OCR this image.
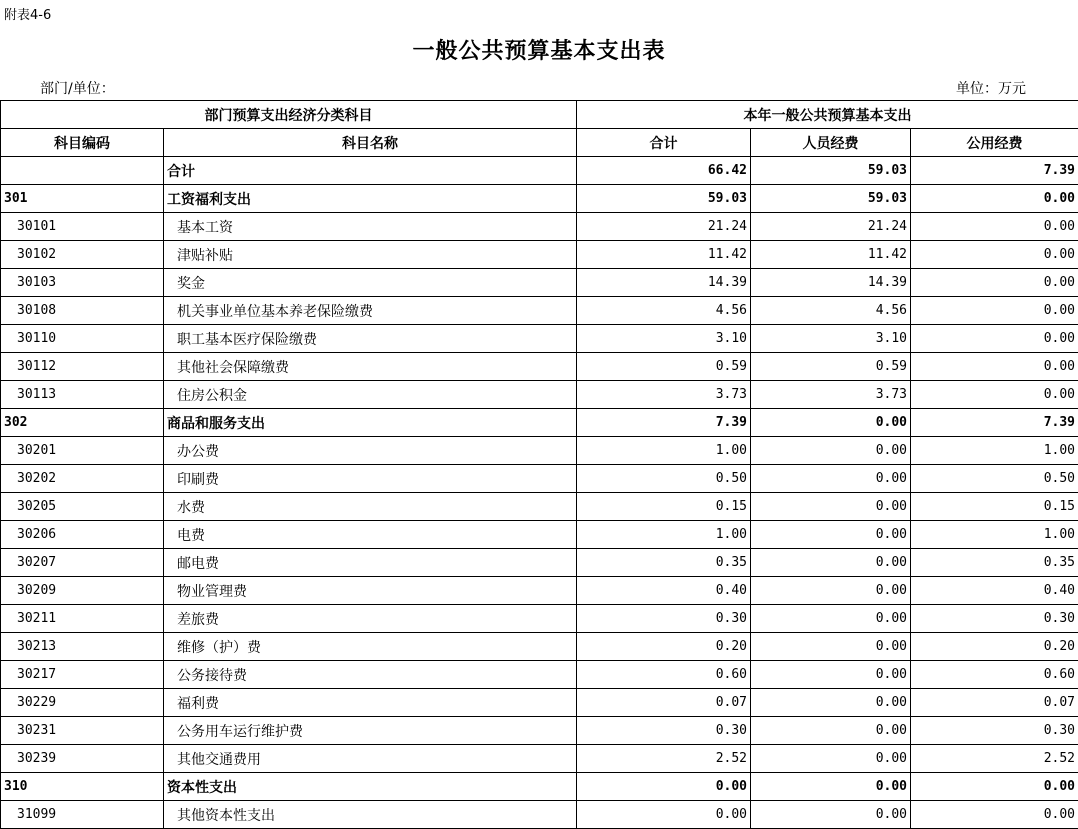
附表4-6
一般公共预算基本支出表
部门/单位：	单位：万元
部门预算支出经济分类科目		本年一般公共预算基本支出		
科目编码	科目名称	合计	人员经费	公用经费
	合计	66.42	59.03	7.39
301	工资福利支出	59.03	59.03	0.00
30101	基本工资	21.24	21.24	0.00
30102	津贴补贴	11.42	11.42	0.00
30103	奖金	14.39	14.39	0.00
30108	机关事业单位基本养老保险缴费	4.56	4.56	0.00
30110	职工基本医疗保险缴费	3.10	3.10	0.00
30112	其他社会保障缴费	0.59	0.59	0.00
30113	住房公积金	3.73	3.73	0.00
302	商品和服务支出	7.39	0.00	7.39
30201	办公费	1.00	0.00	1.00
30202	印刷费	0.50	0.00	0.50
30205	水费	0.15	0.00	0.15
30206	电费	1.00	0.00	1.00
30207	邮电费	0.35	0.00	0.35
30209	物业管理费	0.40	0.00	0.40
30211	差旅费	0.30	0.00	0.30
30213	维修（护）费	0.20	0.00	0.20
30217	公务接待费	0.60	0.00	0.60
30229	福利费	0.07	0.00	0.07
30231	公务用车运行维护费	0.30	0.00	0.30
30239	其他交通费用	2.52	0.00	2.52
310	资本性支出	0.00	0.00	0.00
31099	其他资本性支出	0.00	0.00	0.00
